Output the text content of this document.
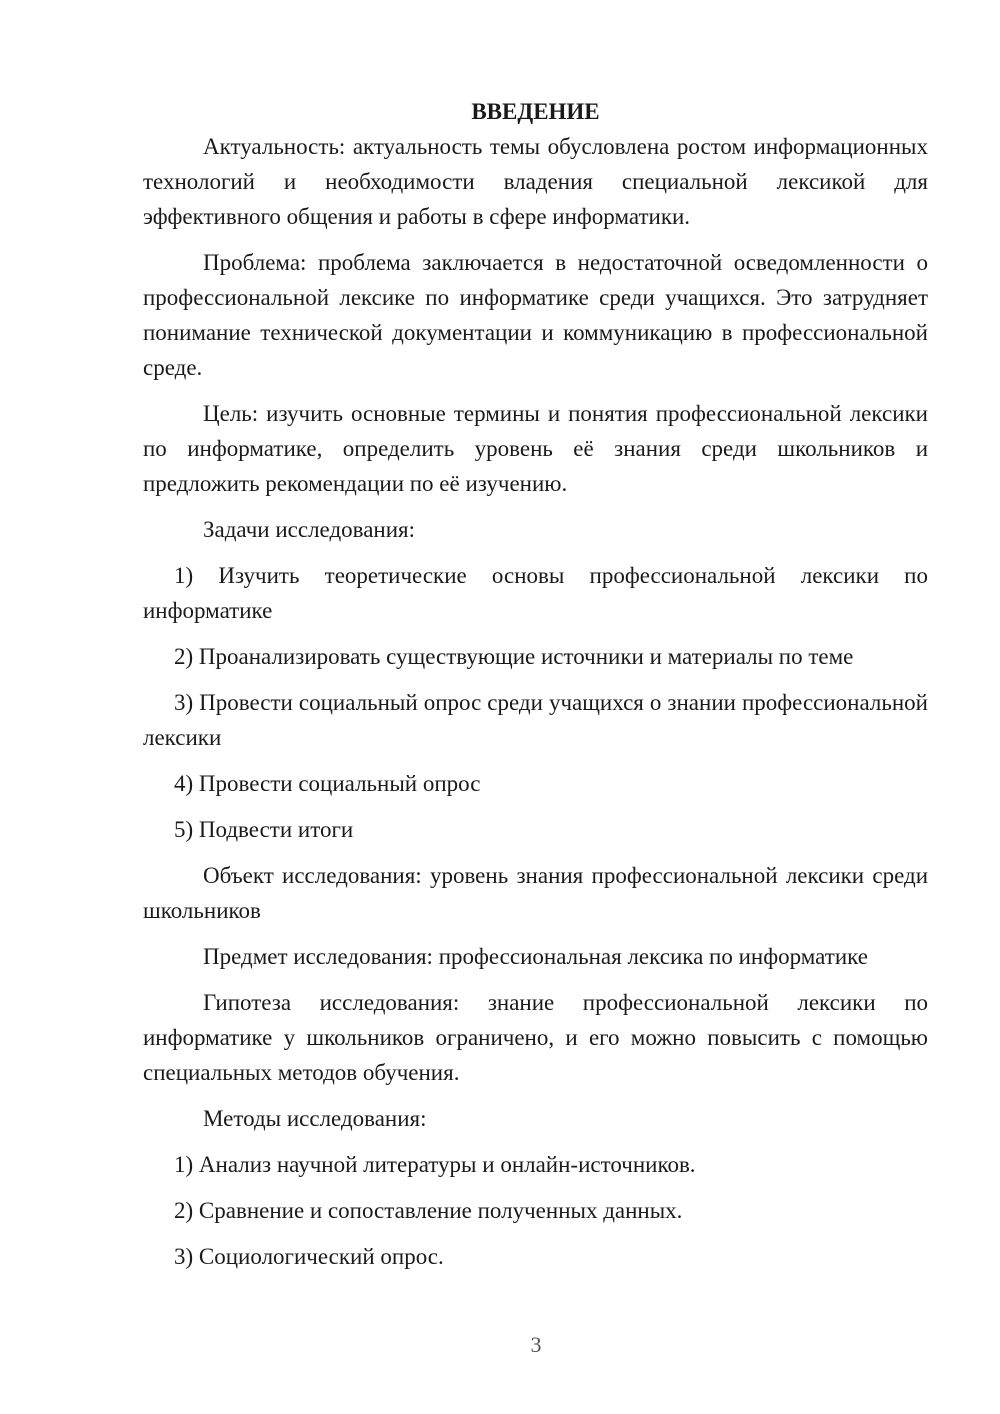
ВВЕДЕНИЕ

Актуальность: актуальность темы обусловлена ростом информационных технологий и необходимости владения специальной лексикой для эффективного общения и работы в сфере информатики.

Проблема: проблема заключается в недостаточной осведомленности о профессиональной лексике по информатике среди учащихся. Это затрудняет понимание технической документации и коммуникацию в профессиональной среде.

Цель: изучить основные термины и понятия профессиональной лексики по информатике, определить уровень её знания среди школьников и предложить рекомендации по её изучению.

Задачи исследования:

1) Изучить теоретические основы профессиональной лексики по информатике

2) Проанализировать существующие источники и материалы по теме

3) Провести социальный опрос среди учащихся о знании профессиональной лексики

4) Провести социальный опрос

5) Подвести итоги

Объект исследования: уровень знания профессиональной лексики среди школьников

Предмет исследования: профессиональная лексика по информатике

Гипотеза исследования: знание профессиональной лексики по информатике у школьников ограничено, и его можно повысить с помощью специальных методов обучения.

Методы исследования:

1) Анализ научной литературы и онлайн-источников.

2) Сравнение и сопоставление полученных данных.

3) Социологический опрос.

3
